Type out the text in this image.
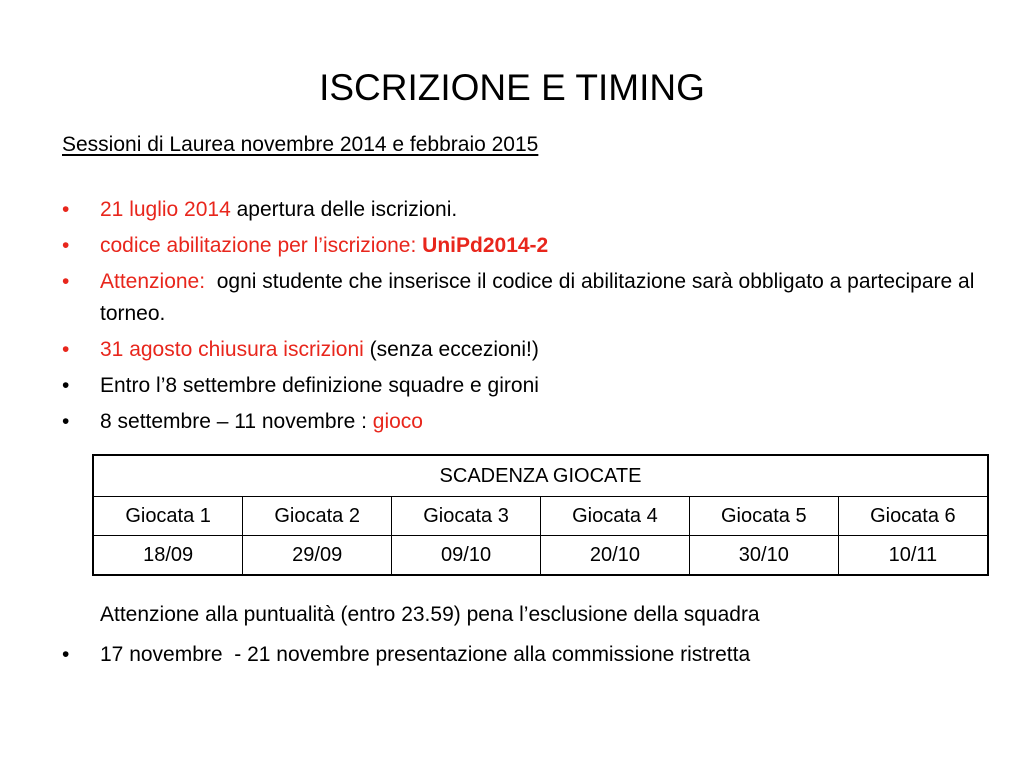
ISCRIZIONE E TIMING

Sessioni di Laurea novembre 2014 e febbraio 2015

•	21 luglio 2014 apertura delle iscrizioni.
•	codice abilitazione per l’iscrizione: UniPd2014-2
•	Attenzione:  ogni studente che inserisce il codice di abilitazione sarà obbligato a partecipare al torneo.
•	31 agosto chiusura iscrizioni (senza eccezioni!)
•	Entro l’8 settembre definizione squadre e gironi
•	8 settembre – 11 novembre : gioco
SCADENZA GIOCATE					
Giocata 1	Giocata 2	Giocata 3	Giocata 4	Giocata 5	Giocata 6
18/09	29/09	09/10	20/10	30/10	10/11

Attenzione alla puntualità (entro 23.59) pena l’esclusione della squadra

•	17 novembre  - 21 novembre presentazione alla commissione ristretta
